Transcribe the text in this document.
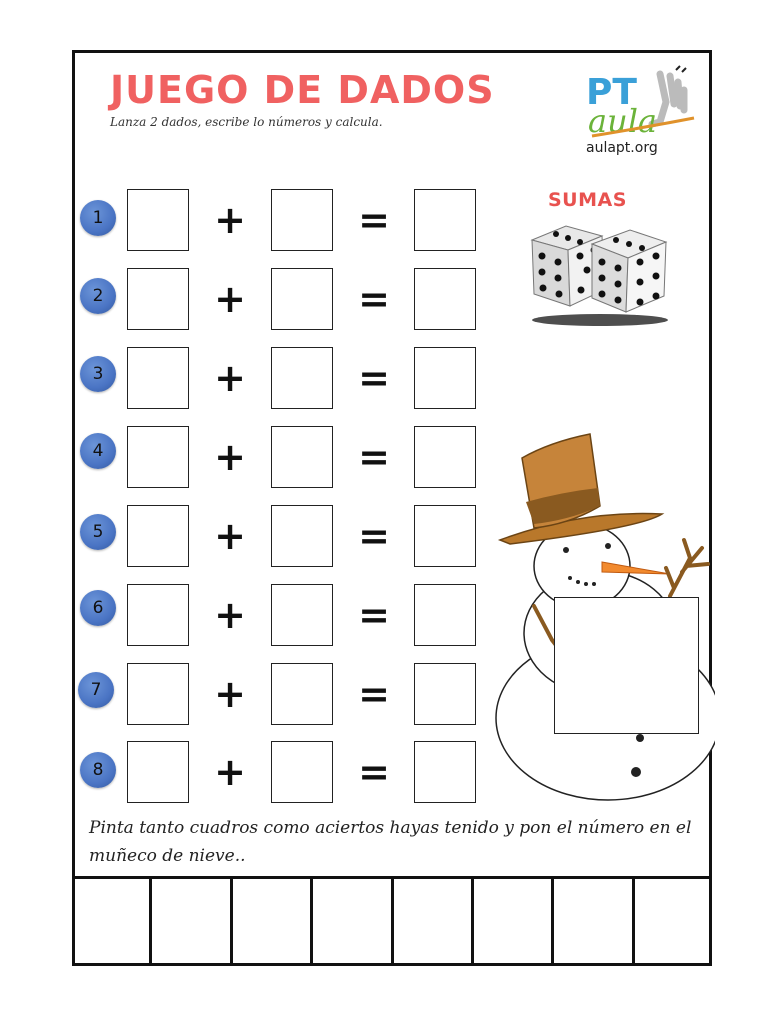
JUEGO DE DADOS
Lanza 2 dados, escribe lo números y calcula.
PT
aula
aulapt.org
SUMAS
1	+	=
2	+	=
3	+	=
4	+	=
5	+	=
6	+	=
7	+	=
8	+	=
Pinta tanto cuadros como aciertos hayas tenido y pon el número en el muñeco de nieve..
